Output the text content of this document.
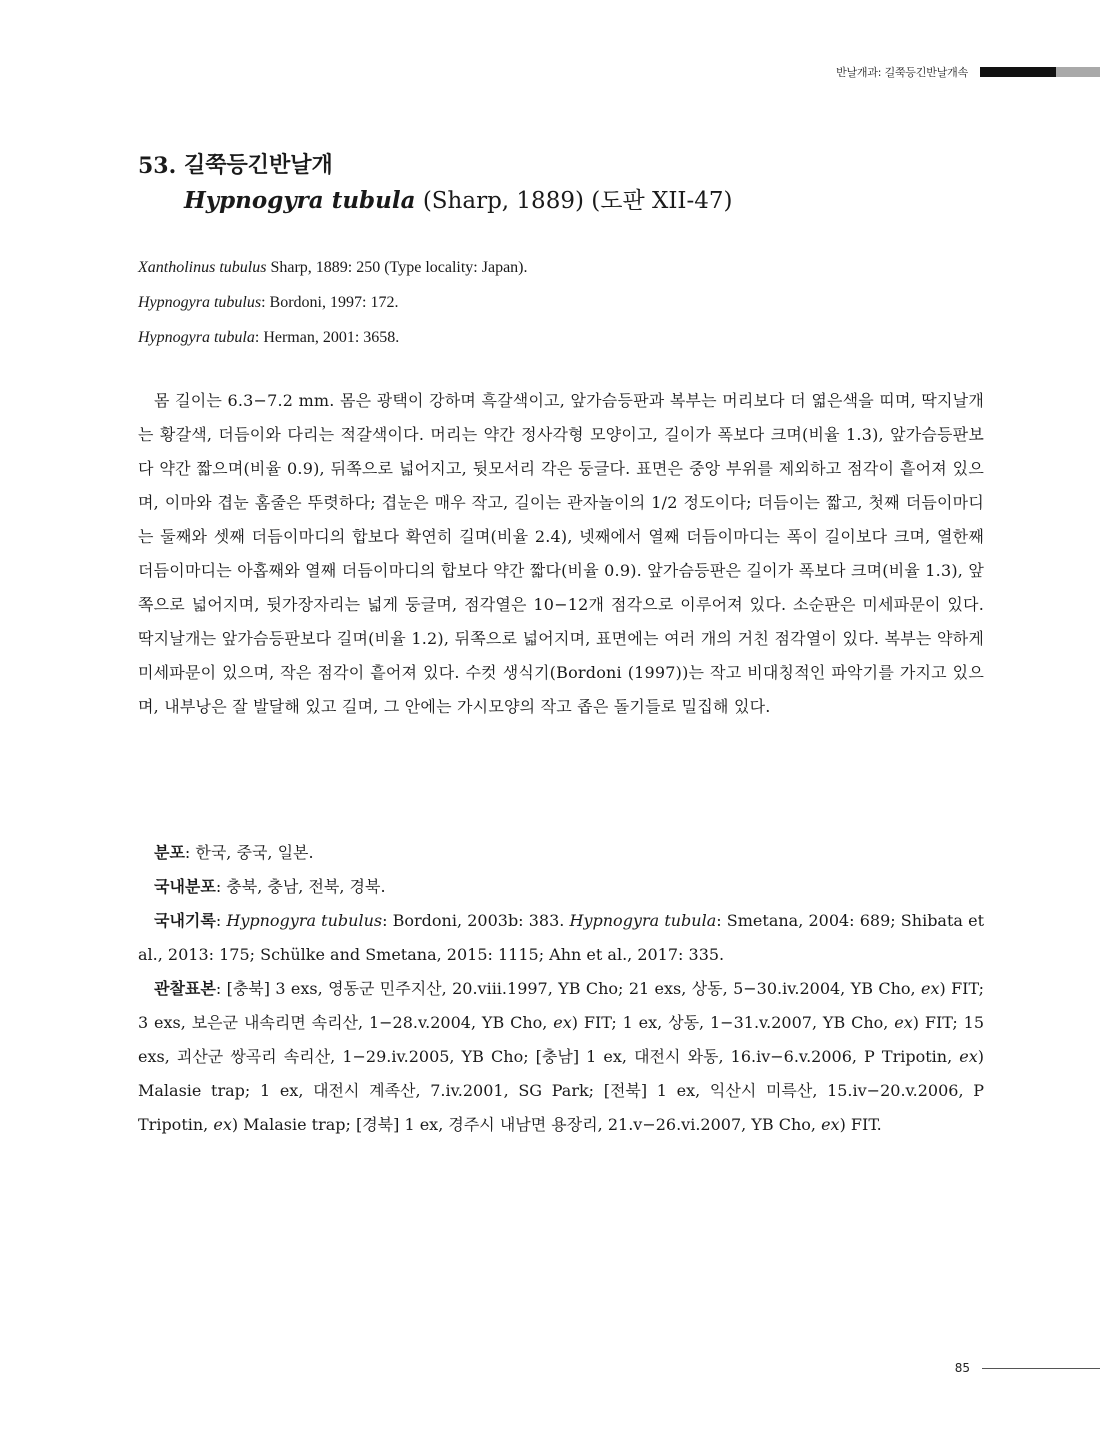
반날개과: 길쭉등긴반날개속
53. 길쭉등긴반날개
Hypnogyra tubula (Sharp, 1889) (도판 XII-47)
Xantholinus tubulus Sharp, 1889: 250 (Type locality: Japan).
Hypnogyra tubulus: Bordoni, 1997: 172.
Hypnogyra tubula: Herman, 2001: 3658.
몸 길이는 6.3−7.2 mm. 몸은 광택이 강하며 흑갈색이고, 앞가슴등판과 복부는 머리보다 더 엷은색을 띠며, 딱지날개는 황갈색, 더듬이와 다리는 적갈색이다. 머리는 약간 정사각형 모양이고, 길이가 폭보다 크며(비율 1.3), 앞가슴등판보다 약간 짧으며(비율 0.9), 뒤쪽으로 넓어지고, 뒷모서리 각은 둥글다. 표면은 중앙 부위를 제외하고 점각이 흩어져 있으며, 이마와 겹눈 홈줄은 뚜렷하다; 겹눈은 매우 작고, 길이는 관자놀이의 1/2 정도이다; 더듬이는 짧고, 첫째 더듬이마디는 둘째와 셋째 더듬이마디의 합보다 확연히 길며(비율 2.4), 넷째에서 열째 더듬이마디는 폭이 길이보다 크며, 열한째 더듬이마디는 아홉째와 열째 더듬이마디의 합보다 약간 짧다(비율 0.9). 앞가슴등판은 길이가 폭보다 크며(비율 1.3), 앞쪽으로 넓어지며, 뒷가장자리는 넓게 둥글며, 점각열은 10−12개 점각으로 이루어져 있다. 소순판은 미세파문이 있다. 딱지날개는 앞가슴등판보다 길며(비율 1.2), 뒤쪽으로 넓어지며, 표면에는 여러 개의 거친 점각열이 있다. 복부는 약하게 미세파문이 있으며, 작은 점각이 흩어져 있다. 수컷 생식기(Bordoni (1997))는 작고 비대칭적인 파악기를 가지고 있으며, 내부낭은 잘 발달해 있고 길며, 그 안에는 가시모양의 작고 좁은 돌기들로 밀집해 있다.

분포: 한국, 중국, 일본.

국내분포: 충북, 충남, 전북, 경북.

국내기록: Hypnogyra tubulus: Bordoni, 2003b: 383. Hypnogyra tubula: Smetana, 2004: 689; Shibata et al., 2013: 175; Schülke and Smetana, 2015: 1115; Ahn et al., 2017: 335.

관찰표본: [충북] 3 exs, 영동군 민주지산, 20.viii.1997, YB Cho; 21 exs, 상동, 5−30.iv.2004, YB Cho, ex) FIT; 3 exs, 보은군 내속리면 속리산, 1−28.v.2004, YB Cho, ex) FIT; 1 ex, 상동, 1−31.v.2007, YB Cho, ex) FIT; 15 exs, 괴산군 쌍곡리 속리산, 1−29.iv.2005, YB Cho; [충남] 1 ex, 대전시 와동, 16.iv−6.v.2006, P Tripotin, ex) Malasie trap; 1 ex, 대전시 계족산, 7.iv.2001, SG Park; [전북] 1 ex, 익산시 미륵산, 15.iv−20.v.2006, P Tripotin, ex) Malasie trap; [경북] 1 ex, 경주시 내남면 용장리, 21.v−26.vi.2007, YB Cho, ex) FIT.

85
